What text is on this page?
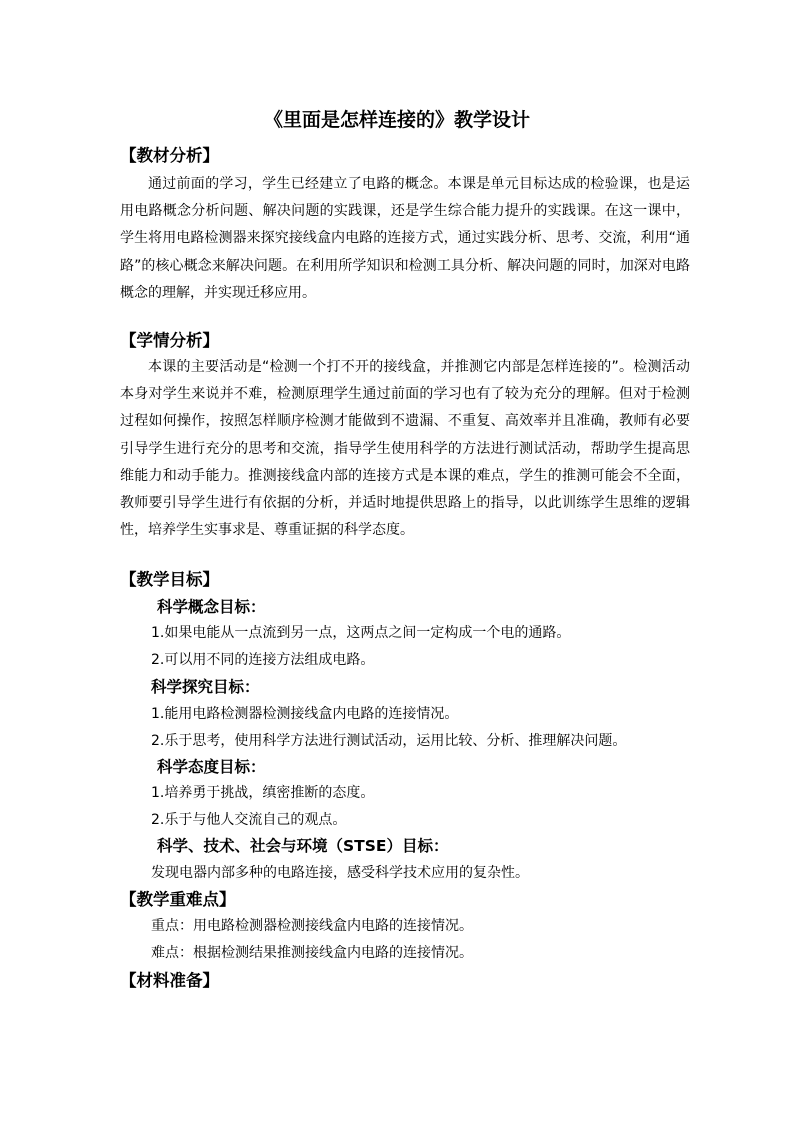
《里面是怎样连接的》教学设计
【教材分析】

通过前面的学习，学生已经建立了电路的概念。本课是单元目标达成的检验课，也是运用电路概念分析问题、解决问题的实践课，还是学生综合能力提升的实践课。在这一课中，学生将用电路检测器来探究接线盒内电路的连接方式，通过实践分析、思考、交流，利用“通路”的核心概念来解决问题。在利用所学知识和检测工具分析、解决问题的同时，加深对电路概念的理解，并实现迁移应用。

【学情分析】

本课的主要活动是“检测一个打不开的接线盒，并推测它内部是怎样连接的”。检测活动本身对学生来说并不难，检测原理学生通过前面的学习也有了较为充分的理解。但对于检测过程如何操作，按照怎样顺序检测才能做到不遗漏、不重复、高效率并且准确，教师有必要引导学生进行充分的思考和交流，指导学生使用科学的方法进行测试活动，帮助学生提高思维能力和动手能力。推测接线盒内部的连接方式是本课的难点，学生的推测可能会不全面，教师要引导学生进行有依据的分析，并适时地提供思路上的指导，以此训练学生思维的逻辑性，培养学生实事求是、尊重证据的科学态度。

【教学目标】
科学概念目标：

1.如果电能从一点流到另一点，这两点之间一定构成一个电的通路。

2.可以用不同的连接方法组成电路。

科学探究目标：

1.能用电路检测器检测接线盒内电路的连接情况。

2.乐于思考，使用科学方法进行测试活动，运用比较、分析、推理解决问题。

科学态度目标：

1.培养勇于挑战，缜密推断的态度。

2.乐于与他人交流自己的观点。

科学、技术、社会与环境（STSE）目标：

发现电器内部多种的电路连接，感受科学技术应用的复杂性。

【教学重难点】

重点：用电路检测器检测接线盒内电路的连接情况。

难点：根据检测结果推测接线盒内电路的连接情况。

【材料准备】
